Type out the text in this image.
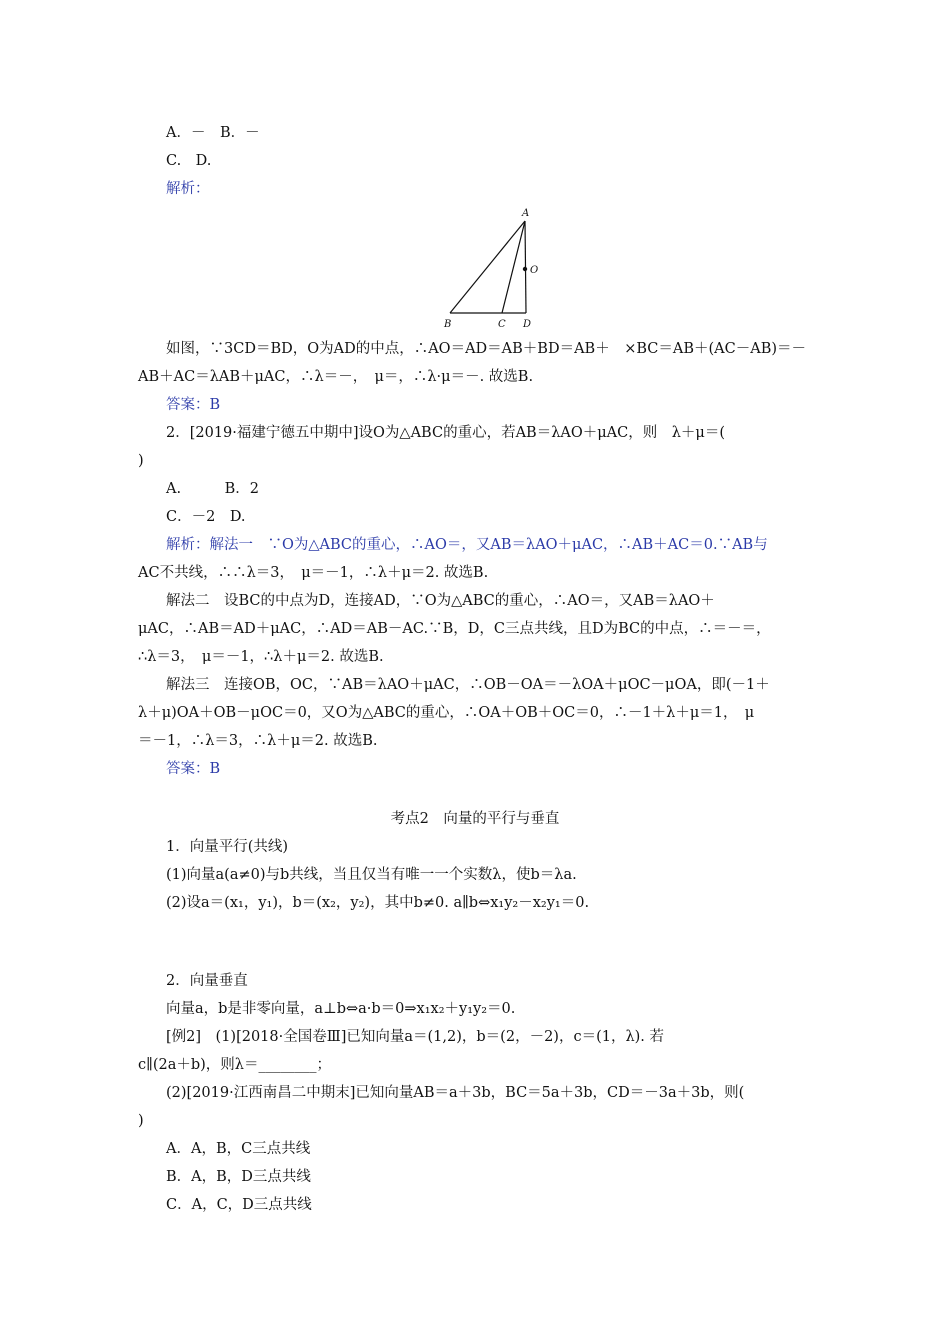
A．－　B．－
C.　D.
解析：
A
O
B	C D
如图，∵3CD＝BD，O为AD的中点，∴AO＝AD＝AB＋BD＝AB＋　×BC＝AB＋(AC－AB)＝－
AB＋AC＝λAB＋μAC，∴λ＝－，　μ＝，∴λ·μ＝－. 故选B.
答案：B
2．[2019·福建宁德五中期中]设O为△ABC的重心，若AB＝λAO＋μAC，则　λ＋μ＝(
)
A.　　　B．2
C．－2　D.
解析：解法一　∵O为△ABC的重心，∴AO＝，又AB＝λAO＋μAC，∴AB＋AC＝0.∵AB与
AC不共线，∴∴λ＝3，　μ＝－1，∴λ＋μ＝2. 故选B.
解法二　设BC的中点为D，连接AD，∵O为△ABC的重心，∴AO＝，又AB＝λAO＋
μAC，∴AB＝AD＋μAC，∴AD＝AB－AC.∵B，D，C三点共线，且D为BC的中点，∴＝－＝，
∴λ＝3，　μ＝－1，∴λ＋μ＝2. 故选B.
解法三　连接OB，OC，∵AB＝λAO＋μAC，∴OB－OA＝－λOA＋μOC－μOA，即(－1＋
λ＋μ)OA＋OB－μOC＝0，又O为△ABC的重心，∴OA＋OB＋OC＝0，∴－1＋λ＋μ＝1，　μ
＝－1，∴λ＝3，∴λ＋μ＝2. 故选B.
答案：B
考点2　向量的平行与垂直
1．向量平行(共线)
(1)向量a(a≠0)与b共线，当且仅当有唯一一个实数λ，使b＝λa.
(2)设a＝(x₁，y₁)，b＝(x₂，y₂)，其中b≠0. a∥b⇔x₁y₂－x₂y₁＝0.
2．向量垂直
向量a，b是非零向量，a⊥b⇔a·b＝0⇒x₁x₂＋y₁y₂＝0.
[例2]　(1)[2018·全国卷Ⅲ]已知向量a＝(1,2)，b＝(2，－2)，c＝(1，λ). 若
c∥(2a＋b)，则λ＝________；
(2)[2019·江西南昌二中期末]已知向量AB＝a＋3b，BC＝5a＋3b，CD＝－3a＋3b，则(
)
A．A，B，C三点共线
B．A，B，D三点共线
C．A，C，D三点共线
